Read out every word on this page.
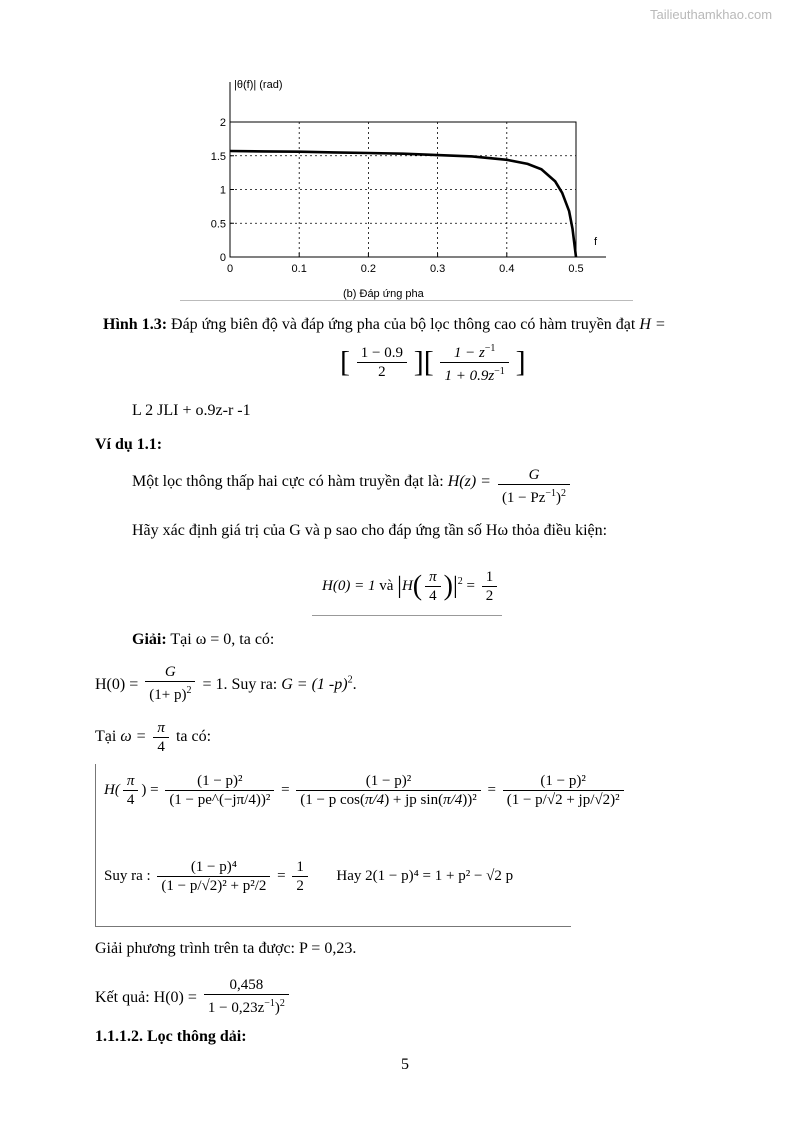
Tailieuthamkhao.com
0
0.5
1
1.5
2
0	0.1	0.2	0.3	0.4	0.5
|θ(f)| (rad)
f
(b) Đáp ứng pha
Hình 1.3: Đáp ứng biên độ và đáp ứng pha của bộ lọc thông cao có hàm truyền đạt H =
[ $\frac{1 - 0.9}{2}$ ][ $\frac{1 - z^{-1}}{1 + 0.9z^{-1}}$ ]
L 2 JLI + o.9z-r -1
Ví dụ 1.1:
Một lọc thông thấp hai cực có hàm truyền đạt là: $H(z) = \frac{G}{(1 - Pz^{-1})^2}$
Hãy xác định giá trị của G và p sao cho đáp ứng tần số Hω thỏa điều kiện:
H(0) = 1 và $|H( \frac{\pi}{4} )|^2 = \frac{1}{2}$
Giải: Tại ω = 0, ta có:
$H(0) = \frac{G}{(1+ p)^2} = 1$. Suy ra: G = (1 -p)$^2$.
Tại $\omega = \frac{\pi}{4}$ ta có:
$H( \frac{\pi}{4}$ ) = $\frac{\text{(1 − p)²}}{\text{(1 − pe\textasciicircum{}(−jπ/4))²}} = \frac{\text{(1 − p)²}}{\text{(1 − p cos(π/4) + jp sin(π/4))²}} = \frac{\text{(1 − p)²}}{\text{(1 − p/√2 + jp/√2)²}}$
Suy ra : $\frac{\text{(1 − p)⁴}}{\text{(1 − p/√2)² + p²/2}} = \frac{1}{2}$ Hay 2(1 − p)⁴ = 1 + p² − √2 p
Giải phương trình trên ta được: P = 0,23.
Kết quả: $H(0) = \frac{0,458}{1 - 0,23z^{-1})^2}$
1.1.1.2. Lọc thông dải:
5
